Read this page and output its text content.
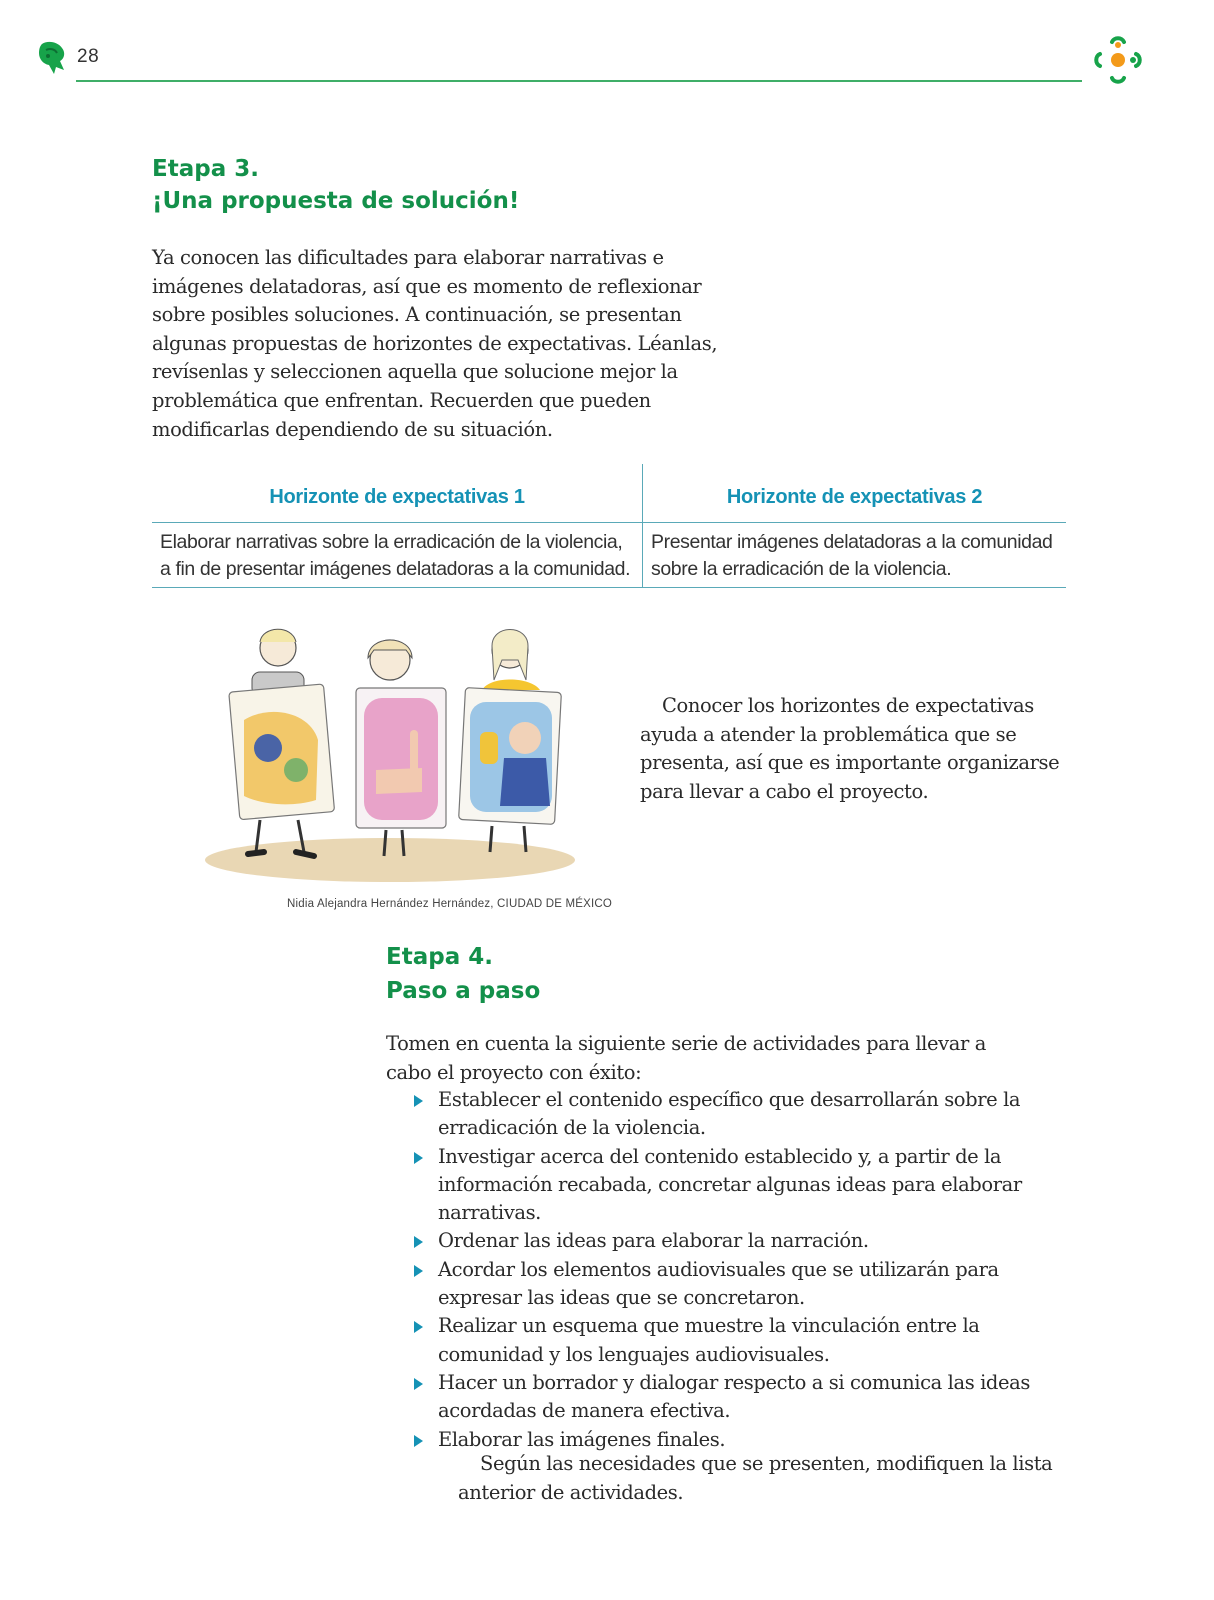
28
Etapa 3.
¡Una propuesta de solución!

Ya conocen las dificultades para elaborar narrativas e imágenes delatadoras, así que es momento de reflexionar sobre posibles soluciones. A continuación, se presentan algunas propuestas de horizontes de expectativas. Léanlas, revísenlas y seleccionen aquella que solucione mejor la problemática que enfrentan. Recuerden que pueden modificarlas dependiendo de su situación.

Horizonte de expectativas 1	Horizonte de expectativas 2
Elaborar narrativas sobre la erradicación de la violencia, a fin de presentar imágenes delatadoras a la comunidad.
Presentar imágenes delatadoras a la comunidad sobre la erradicación de la violencia.
Nidia Alejandra Hernández Hernández, CIUDAD DE MÉXICO

Conocer los horizontes de expectativas ayuda a atender la problemática que se presenta, así que es importante organizarse para llevar a cabo el proyecto.

Etapa 4.
Paso a paso

Tomen en cuenta la siguiente serie de actividades para llevar a cabo el proyecto con éxito:

Establecer el contenido específico que desarrollarán sobre la erradicación de la violencia.
Investigar acerca del contenido establecido y, a partir de la información recabada, concretar algunas ideas para elaborar narrativas.
Ordenar las ideas para elaborar la narración.
Acordar los elementos audiovisuales que se utilizarán para expresar las ideas que se concretaron.
Realizar un esquema que muestre la vinculación entre la comunidad y los lenguajes audiovisuales.
Hacer un borrador y dialogar respecto a si comunica las ideas acordadas de manera efectiva.
Elaborar las imágenes finales.

Según las necesidades que se presenten, modifiquen la lista anterior de actividades.
